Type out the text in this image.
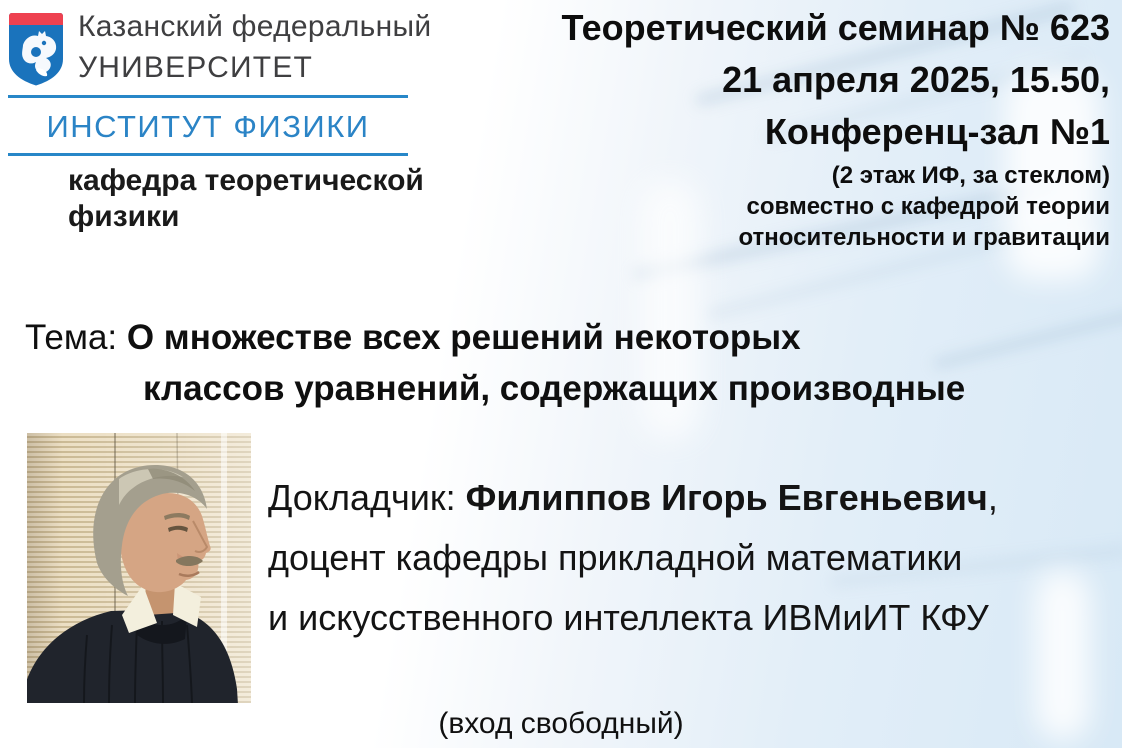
Казанский федеральный
УНИВЕРСИТЕТ
ИНСТИТУТ ФИЗИКИ
кафедра теоретической
физики
Теоретический семинар № 623
21 апреля 2025, 15.50,
Конференц-зал №1
(2 этаж ИФ, за стеклом)
совместно с кафедрой теории
относительности и гравитации
Тема: О множестве всех решений некоторых
классов уравнений, содержащих производные
Докладчик: Филиппов Игорь Евгеньевич,
доцент кафедры прикладной математики
и искусственного интеллекта ИВМиИТ КФУ
(вход свободный)
